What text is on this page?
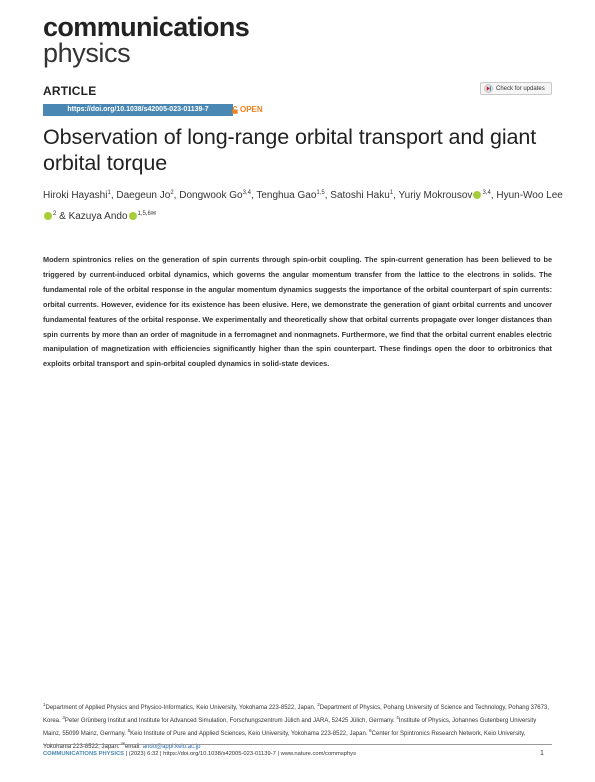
communications
physics
ARTICLE
https://doi.org/10.1038/s42005-023-01139-7	OPEN
Check for updates
Observation of long-range orbital transport and giant orbital torque
Hiroki Hayashi$^1$, Daegeun Jo$^2$, Dongwook Go$^{3,4}$, Tenghua Gao$^{1,5}$, Satoshi Haku$^1$, Yuriy Mokrousov $^{3,4}$, Hyun-Woo Lee$^2$ & Kazuya Ando $^{1,5,6✉}$
Modern spintronics relies on the generation of spin currents through spin-orbit coupling. The spin-current generation has been believed to be triggered by current-induced orbital dynamics, which governs the angular momentum transfer from the lattice to the electrons in solids. The fundamental role of the orbital response in the angular momentum dynamics suggests the importance of the orbital counterpart of spin currents: orbital currents. However, evidence for its existence has been elusive. Here, we demonstrate the generation of giant orbital currents and uncover fundamental features of the orbital response. We experimentally and theoretically show that orbital currents propagate over longer distances than spin currents by more than an order of magnitude in a ferromagnet and nonmagnets. Furthermore, we find that the orbital current enables electric manipulation of magnetization with efficiencies significantly higher than the spin counterpart. These findings open the door to orbitronics that exploits orbital transport and spin-orbital coupled dynamics in solid-state devices.
$^1$Department of Applied Physics and Physico-Informatics, Keio University, Yokohama 223-8522, Japan. $^2$Department of Physics, Pohang University of Science and Technology, Pohang 37673, Korea. $^3$Peter Grünberg Institut and Institute for Advanced Simulation, Forschungszentrum Jülich and JARA, 52425 Jülich, Germany. $^4$Institute of Physics, Johannes Gutenberg University Mainz, 55099 Mainz, Germany. $^5$Keio Institute of Pure and Applied Sciences, Keio University, Yokohama 223-8522, Japan. $^6$Center for Spintronics Research Network, Keio University, Yokohama 223-8522, Japan. ✉email: ando@appi.keio.ac.jp
COMMUNICATIONS PHYSICS | (2023) 6:32 | https://doi.org/10.1038/s42005-023-01139-7 | www.nature.com/commsphys	1
